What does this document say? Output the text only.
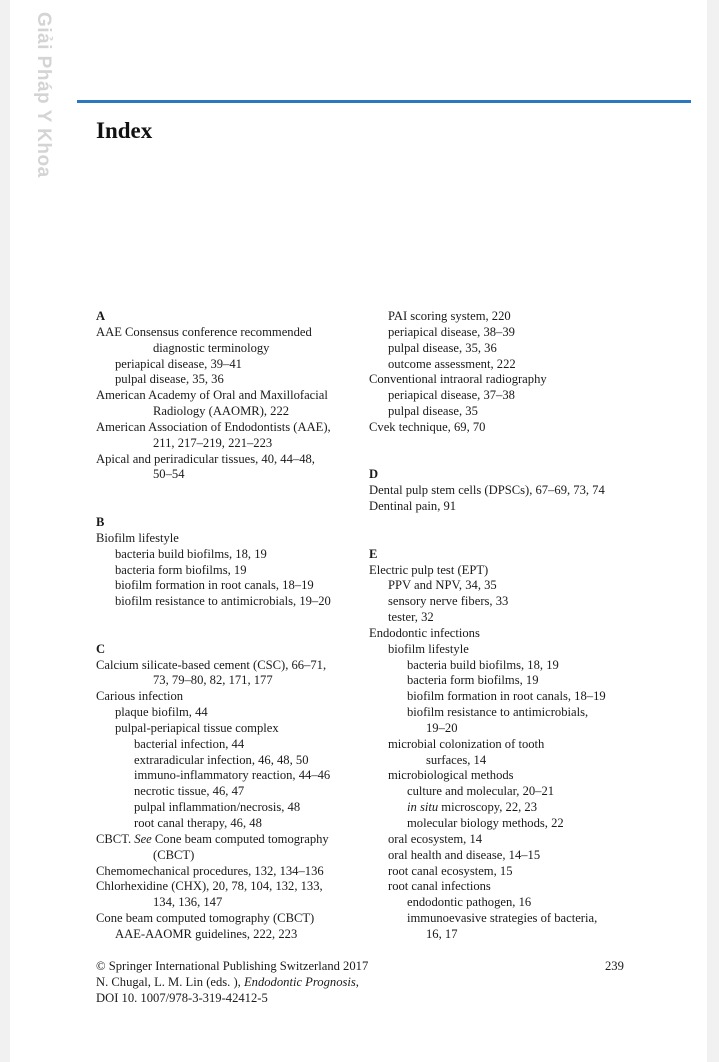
Giải Pháp Y Khoa Index
A
AAE Consensus conference recommended
diagnostic terminology
periapical disease, 39–41
pulpal disease, 35, 36
American Academy of Oral and Maxillofacial
Radiology (AAOMR), 222
American Association of Endodontists (AAE),
211, 217–219, 221–223
Apical and periradicular tissues, 40, 44–48,
50–54
B
Biofilm lifestyle
bacteria build biofilms, 18, 19
bacteria form biofilms, 19
biofilm formation in root canals, 18–19
biofilm resistance to antimicrobials, 19–20
C
Calcium silicate-based cement (CSC), 66–71,
73, 79–80, 82, 171, 177
Carious infection
plaque biofilm, 44
pulpal-periapical tissue complex
bacterial infection, 44
extraradicular infection, 46, 48, 50
immuno-inflammatory reaction, 44–46
necrotic tissue, 46, 47
pulpal inflammation/necrosis, 48
root canal therapy, 46, 48
CBCT. See Cone beam computed tomography
(CBCT)
Chemomechanical procedures, 132, 134–136
Chlorhexidine (CHX), 20, 78, 104, 132, 133,
134, 136, 147
Cone beam computed tomography (CBCT)
AAE-AAOMR guidelines, 222, 223
PAI scoring system, 220
periapical disease, 38–39
pulpal disease, 35, 36
outcome assessment, 222
Conventional intraoral radiography
periapical disease, 37–38
pulpal disease, 35
Cvek technique, 69, 70
D
Dental pulp stem cells (DPSCs), 67–69, 73, 74
Dentinal pain, 91
E
Electric pulp test (EPT)
PPV and NPV, 34, 35
sensory nerve fibers, 33
tester, 32
Endodontic infections
biofilm lifestyle
bacteria build biofilms, 18, 19
bacteria form biofilms, 19
biofilm formation in root canals, 18–19
biofilm resistance to antimicrobials,
19–20
microbial colonization of tooth
surfaces, 14
microbiological methods
culture and molecular, 20–21
in situ microscopy, 22, 23
molecular biology methods, 22
oral ecosystem, 14
oral health and disease, 14–15
root canal ecosystem, 15
root canal infections
endodontic pathogen, 16
immunoevasive strategies of bacteria,
16, 17
© Springer International Publishing Switzerland 2017
N. Chugal, L. M. Lin (eds. ), Endodontic Prognosis,
DOI 10. 1007/978-3-319-42412-5
239
